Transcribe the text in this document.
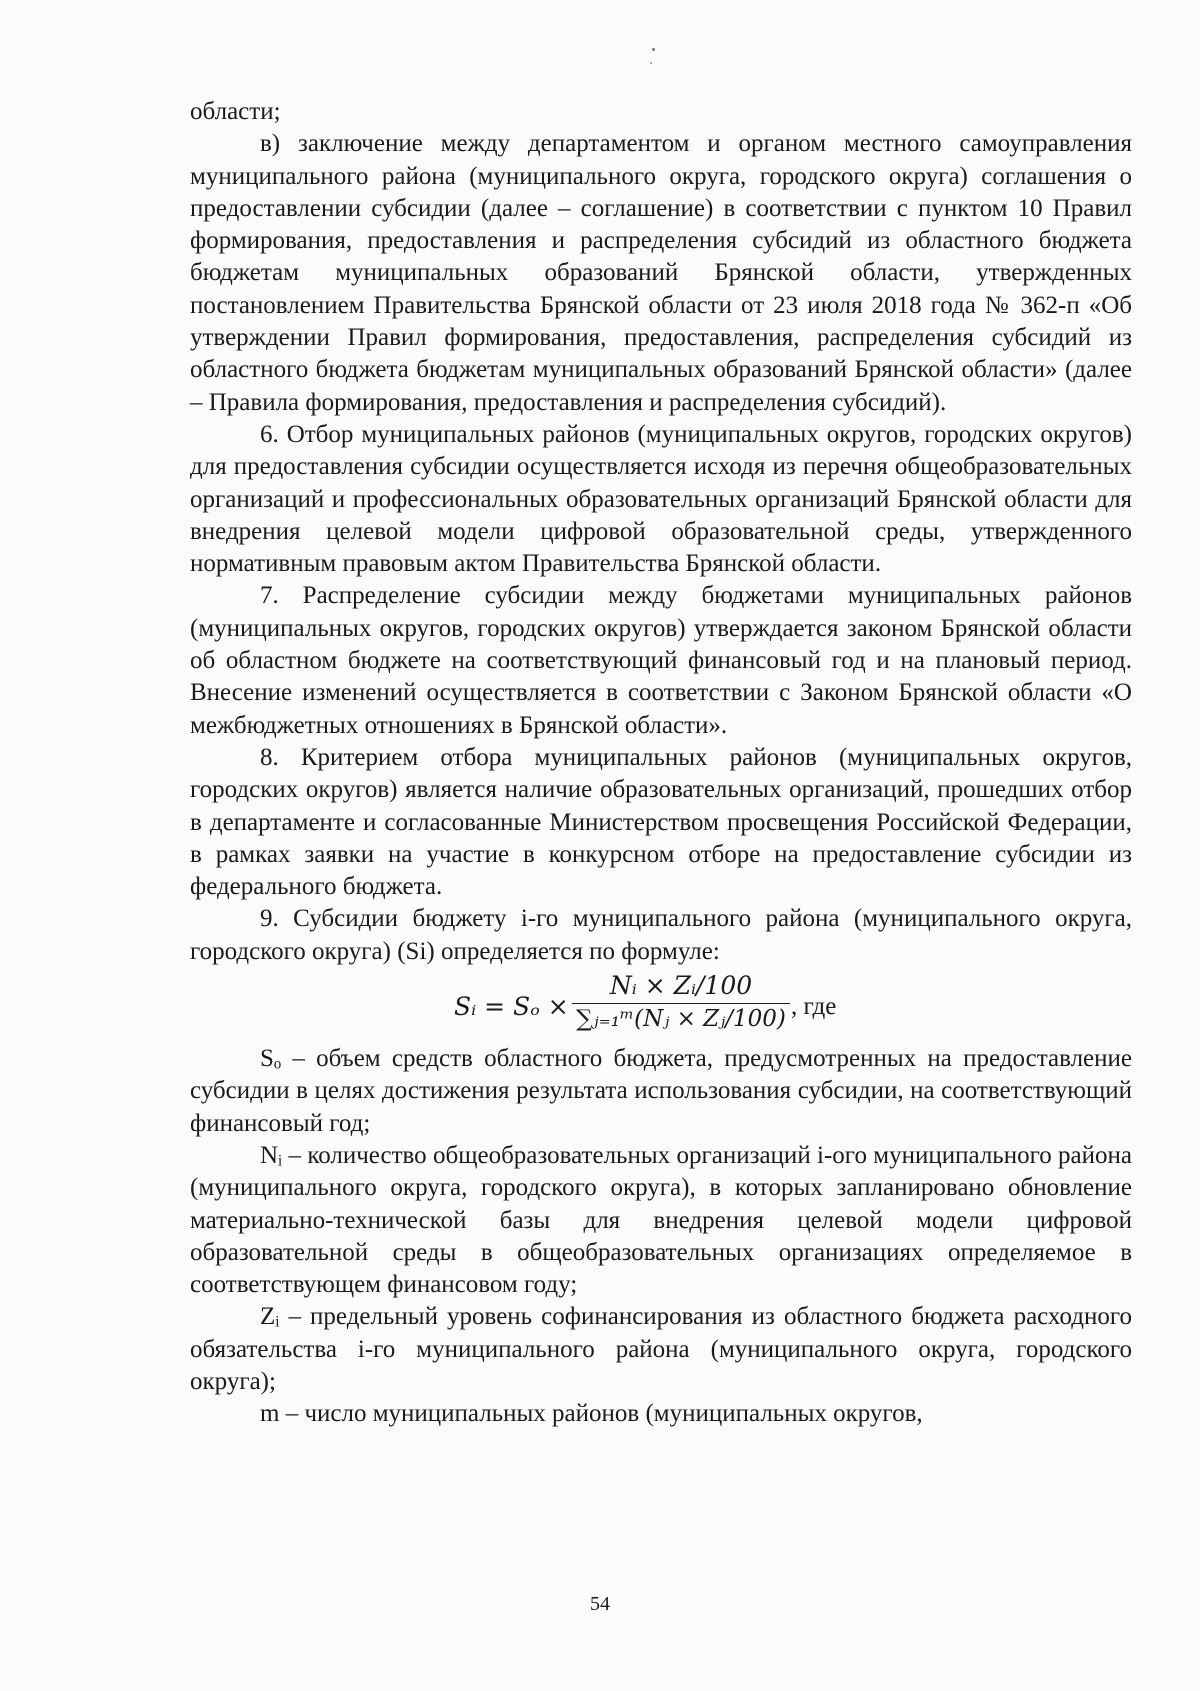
области;

в) заключение между департаментом и органом местного самоуправления муниципального района (муниципального округа, городского округа) соглашения о предоставлении субсидии (далее – соглашение) в соответствии с пунктом 10 Правил формирования, предоставления и распределения субсидий из областного бюджета бюджетам муниципальных образований Брянской области, утвержденных постановлением Правительства Брянской области от 23 июля 2018 года № 362-п «Об утверждении Правил формирования, предоставления, распределения субсидий из областного бюджета бюджетам муниципальных образований Брянской области» (далее – Правила формирования, предоставления и распределения субсидий).

6. Отбор муниципальных районов (муниципальных округов, городских округов) для предоставления субсидии осуществляется исходя из перечня общеобразовательных организаций и профессиональных образовательных организаций Брянской области для внедрения целевой модели цифровой образовательной среды, утвержденного нормативным правовым актом Правительства Брянской области.

7. Распределение субсидии между бюджетами муниципальных районов (муниципальных округов, городских округов) утверждается законом Брянской области об областном бюджете на соответствующий финансовый год и на плановый период. Внесение изменений осуществляется в соответствии с Законом Брянской области «О межбюджетных отношениях в Брянской области».

8. Критерием отбора муниципальных районов (муниципальных округов, городских округов) является наличие образовательных организаций, прошедших отбор в департаменте и согласованные Министерством просвещения Российской Федерации, в рамках заявки на участие в конкурсном отборе на предоставление субсидии из федерального бюджета.

9. Субсидии бюджету i-го муниципального района (муниципального округа, городского округа) (Si) определяется по формуле:

Sᵢ = $S_o \times \frac{\text{Nᵢ × Zᵢ/100}}{\text{∑ⱼ₌₁ᵐ(Nⱼ × Zⱼ/100)}}$ , где

Sₒ – объем средств областного бюджета, предусмотренных на предоставление субсидии в целях достижения результата использования субсидии, на соответствующий финансовый год;

Nᵢ – количество общеобразовательных организаций i-ого муниципального района (муниципального округа, городского округа), в которых запланировано обновление материально-технической базы для внедрения целевой модели цифровой образовательной среды в общеобразовательных организациях определяемое в соответствующем финансовом году;

Zᵢ – предельный уровень софинансирования из областного бюджета расходного обязательства i-го муниципального района (муниципального округа, городского округа);

m – число муниципальных районов (муниципальных округов,

54
